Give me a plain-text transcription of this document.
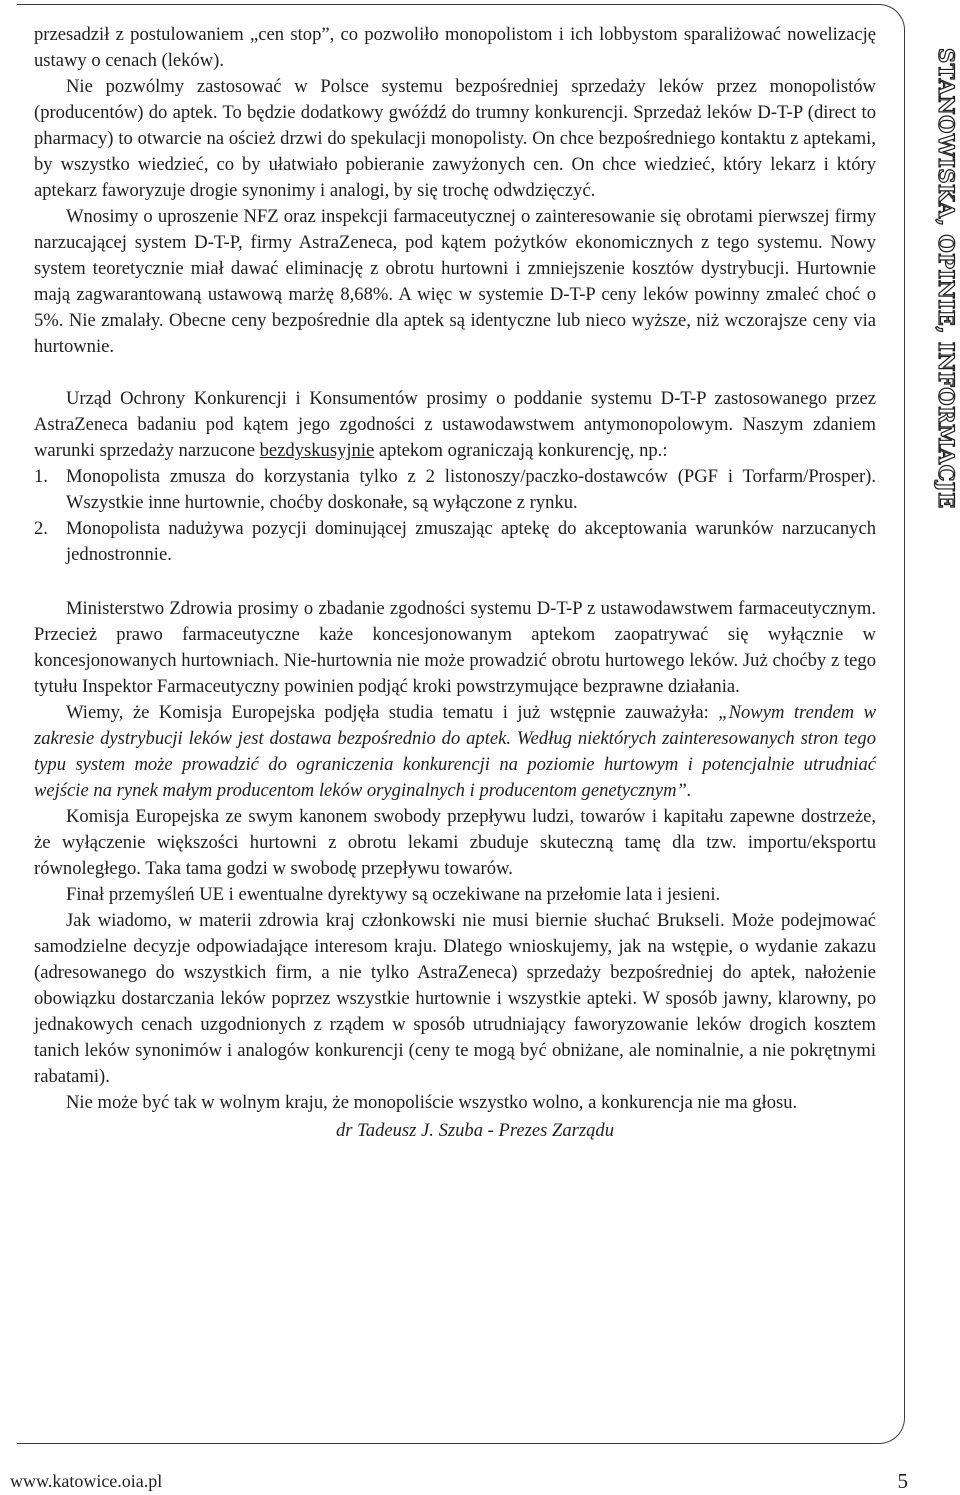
STANOWISKA, OPINIE, INFORMACJE

przesadził z postulowaniem „cen stop”, co pozwoliło monopolistom i ich lobbystom sparaliżować nowelizację ustawy o cenach (leków).

Nie pozwólmy zastosować w Polsce systemu bezpośredniej sprzedaży leków przez monopolistów (producentów) do aptek. To będzie dodatkowy gwóźdź do trumny konkurencji. Sprzedaż leków D-T-P (direct to pharmacy) to otwarcie na oścież drzwi do spekulacji monopolisty. On chce bezpośredniego kontaktu z aptekami, by wszystko wiedzieć, co by ułatwiało pobieranie zawyżonych cen. On chce wiedzieć, który lekarz i który aptekarz faworyzuje drogie synonimy i analogi, by się trochę odwdzięczyć.

Wnosimy o uproszenie NFZ oraz inspekcji farmaceutycznej o zainteresowanie się obrotami pierwszej firmy narzucającej system D-T-P, firmy AstraZeneca, pod kątem pożytków ekonomicznych z tego systemu. Nowy system teoretycznie miał dawać eliminację z obrotu hurtowni i zmniejszenie kosztów dystrybucji. Hurtownie mają zagwarantowaną ustawową marżę 8,68%. A więc w systemie D-T-P ceny leków powinny zmaleć choć o 5%. Nie zmalały. Obecne ceny bezpośrednie dla aptek są identyczne lub nieco wyższe, niż wczorajsze ceny via hurtownie.

Urząd Ochrony Konkurencji i Konsumentów prosimy o poddanie systemu D-T-P zastosowanego przez AstraZeneca badaniu pod kątem jego zgodności z ustawodawstwem antymonopolowym. Naszym zdaniem warunki sprzedaży narzucone bezdyskusyjnie aptekom ograniczają konkurencję, np.:

1. Monopolista zmusza do korzystania tylko z 2 listonoszy/paczko-dostawców (PGF i Torfarm/Prosper). Wszystkie inne hurtownie, choćby doskonałe, są wyłączone z rynku.
2. Monopolista nadużywa pozycji dominującej zmuszając aptekę do akceptowania warunków narzucanych jednostronnie.

Ministerstwo Zdrowia prosimy o zbadanie zgodności systemu D-T-P z ustawodawstwem farmaceutycznym. Przecież prawo farmaceutyczne każe koncesjonowanym aptekom zaopatrywać się wyłącznie w koncesjonowanych hurtowniach. Nie-hurtownia nie może prowadzić obrotu hurtowego leków. Już choćby z tego tytułu Inspektor Farmaceutyczny powinien podjąć kroki powstrzymujące bezprawne działania.

Wiemy, że Komisja Europejska podjęła studia tematu i już wstępnie zauważyła: „Nowym trendem w zakresie dystrybucji leków jest dostawa bezpośrednio do aptek. Według niektórych zainteresowanych stron tego typu system może prowadzić do ograniczenia konkurencji na poziomie hurtowym i potencjalnie utrudniać wejście na rynek małym producentom leków oryginalnych i producentom genetycznym”.

Komisja Europejska ze swym kanonem swobody przepływu ludzi, towarów i kapitału zapewne dostrzeże, że wyłączenie większości hurtowni z obrotu lekami zbuduje skuteczną tamę dla tzw. importu/eksportu równoległego. Taka tama godzi w swobodę przepływu towarów.

Finał przemyśleń UE i ewentualne dyrektywy są oczekiwane na przełomie lata i jesieni.

Jak wiadomo, w materii zdrowia kraj członkowski nie musi biernie słuchać Brukseli. Może podejmować samodzielne decyzje odpowiadające interesom kraju. Dlatego wnioskujemy, jak na wstępie, o wydanie zakazu (adresowanego do wszystkich firm, a nie tylko AstraZeneca) sprzedaży bezpośredniej do aptek, nałożenie obowiązku dostarczania leków poprzez wszystkie hurtownie i wszystkie apteki. W sposób jawny, klarowny, po jednakowych cenach uzgodnionych z rządem w sposób utrudniający faworyzowanie leków drogich kosztem tanich leków synonimów i analogów konkurencji (ceny te mogą być obniżane, ale nominalnie, a nie pokrętnymi rabatami).

Nie może być tak w wolnym kraju, że monopoliście wszystko wolno, a konkurencja nie ma głosu.

dr Tadeusz J. Szuba - Prezes Zarządu

www.katowice.oia.pl	5
